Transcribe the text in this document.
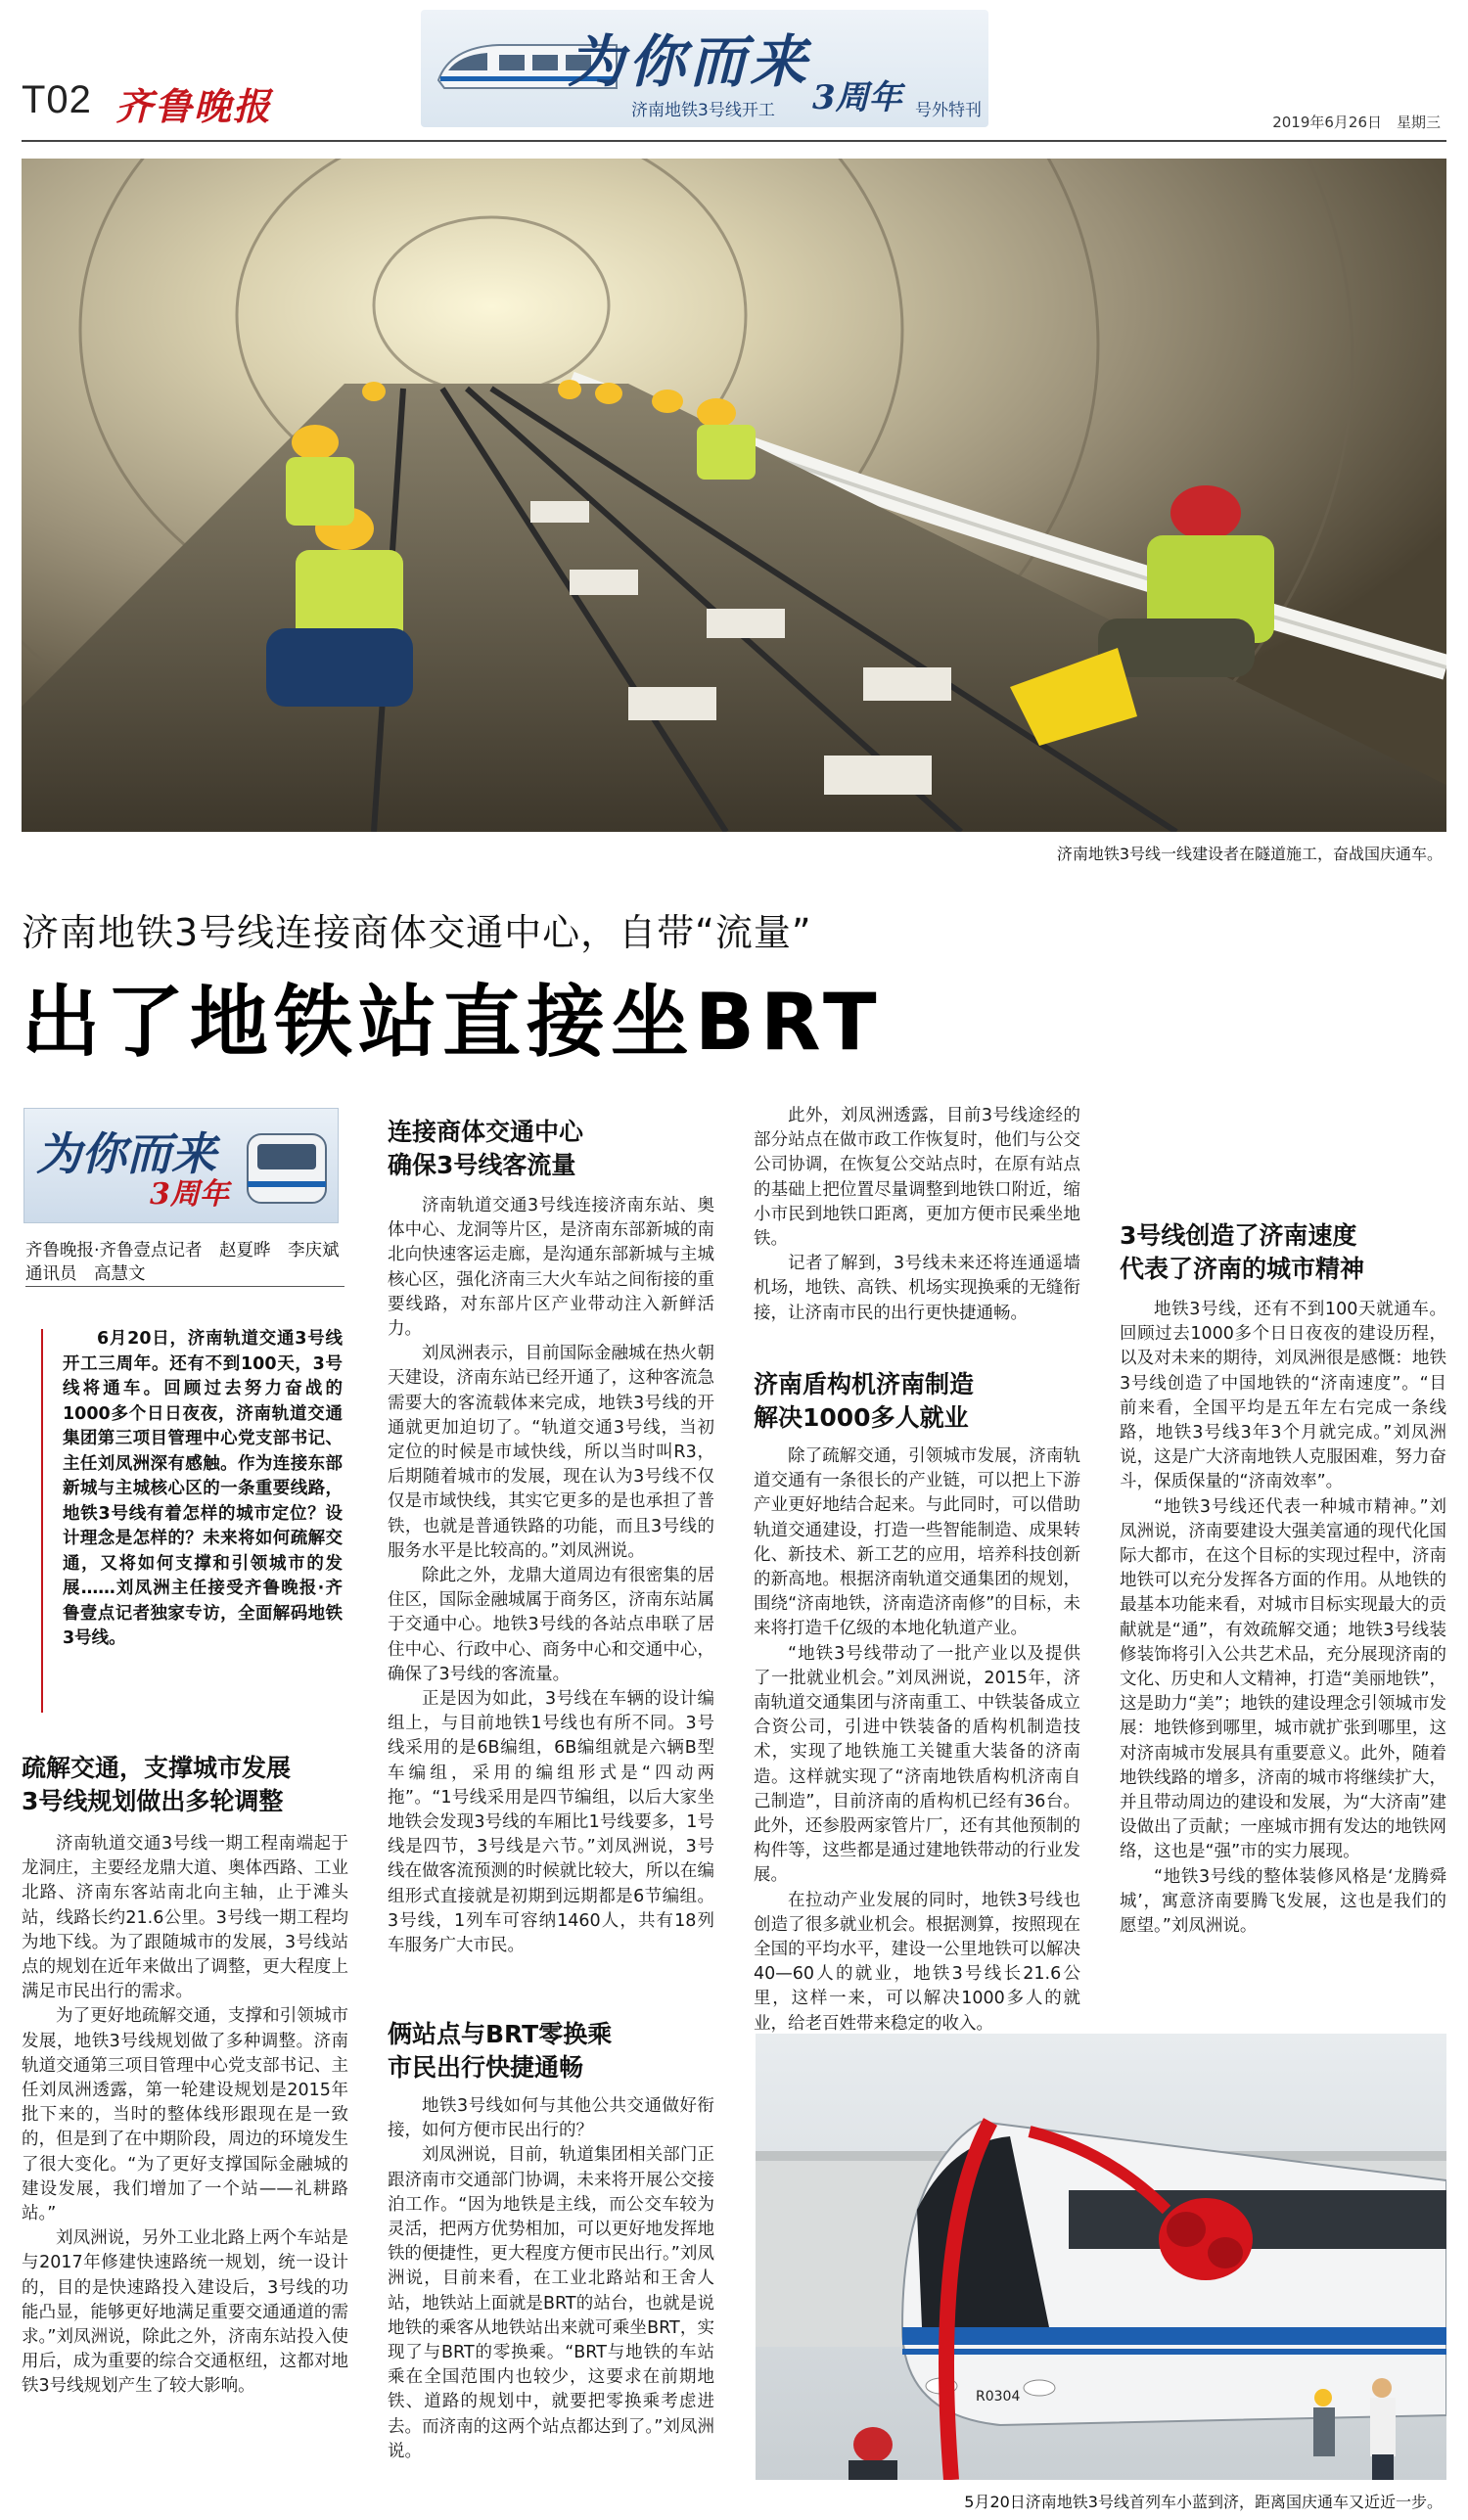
T02 齐鲁晚报
为你而来
济南地铁3号线开工 3周年 号外特刊
2019年6月26日　星期三
济南地铁3号线一线建设者在隧道施工，奋战国庆通车。
济南地铁3号线连接商体交通中心，自带“流量”
出了地铁站直接坐BRT
为你而来
3周年
齐鲁晚报·齐鲁壹点记者　赵夏晔　李庆斌
通讯员　高慧文
6月20日，济南轨道交通3号线开工三周年。还有不到100天，3号线将通车。回顾过去努力奋战的1000多个日日夜夜，济南轨道交通集团第三项目管理中心党支部书记、主任刘凤洲深有感触。作为连接东部新城与主城核心区的一条重要线路，地铁3号线有着怎样的城市定位？设计理念是怎样的？未来将如何疏解交通，又将如何支撑和引领城市的发展……刘凤洲主任接受齐鲁晚报·齐鲁壹点记者独家专访，全面解码地铁3号线。
疏解交通，支撑城市发展
3号线规划做出多轮调整

济南轨道交通3号线一期工程南端起于龙洞庄，主要经龙鼎大道、奥体西路、工业北路、济南东客站南北向主轴，止于滩头站，线路长约21.6公里。3号线一期工程均为地下线。为了跟随城市的发展，3号线站点的规划在近年来做出了调整，更大程度上满足市民出行的需求。

为了更好地疏解交通，支撑和引领城市发展，地铁3号线规划做了多种调整。济南轨道交通第三项目管理中心党支部书记、主任刘凤洲透露，第一轮建设规划是2015年批下来的，当时的整体线形跟现在是一致的，但是到了在中期阶段，周边的环境发生了很大变化。“为了更好支撑国际金融城的建设发展，我们增加了一个站——礼耕路站。”

刘凤洲说，另外工业北路上两个车站是与2017年修建快速路统一规划，统一设计的，目的是快速路投入建设后，3号线的功能凸显，能够更好地满足重要交通通道的需求。”刘凤洲说，除此之外，济南东站投入使用后，成为重要的综合交通枢纽，这都对地铁3号线规划产生了较大影响。

连接商体交通中心
确保3号线客流量

济南轨道交通3号线连接济南东站、奥体中心、龙洞等片区，是济南东部新城的南北向快速客运走廊，是沟通东部新城与主城核心区，强化济南三大火车站之间衔接的重要线路，对东部片区产业带动注入新鲜活力。

刘凤洲表示，目前国际金融城在热火朝天建设，济南东站已经开通了，这种客流急需要大的客流载体来完成，地铁3号线的开通就更加迫切了。“轨道交通3号线，当初定位的时候是市域快线，所以当时叫R3，后期随着城市的发展，现在认为3号线不仅仅是市域快线，其实它更多的是也承担了普铁，也就是普通铁路的功能，而且3号线的服务水平是比较高的。”刘凤洲说。

除此之外，龙鼎大道周边有很密集的居住区，国际金融城属于商务区，济南东站属于交通中心。地铁3号线的各站点串联了居住中心、行政中心、商务中心和交通中心，确保了3号线的客流量。

正是因为如此，3号线在车辆的设计编组上，与目前地铁1号线也有所不同。3号线采用的是6B编组，6B编组就是六辆B型车编组，采用的编组形式是“四动两拖”。“1号线采用是四节编组，以后大家坐地铁会发现3号线的车厢比1号线要多，1号线是四节，3号线是六节。”刘凤洲说，3号线在做客流预测的时候就比较大，所以在编组形式直接就是初期到远期都是6节编组。3号线，1列车可容纳1460人，共有18列车服务广大市民。

俩站点与BRT零换乘
市民出行快捷通畅

地铁3号线如何与其他公共交通做好衔接，如何方便市民出行的？

刘凤洲说，目前，轨道集团相关部门正跟济南市交通部门协调，未来将开展公交接泊工作。“因为地铁是主线，而公交车较为灵活，把两方优势相加，可以更好地发挥地铁的便捷性，更大程度方便市民出行。”刘凤洲说，目前来看，在工业北路站和王舍人站，地铁站上面就是BRT的站台，也就是说地铁的乘客从地铁站出来就可乘坐BRT，实现了与BRT的零换乘。“BRT与地铁的车站乘在全国范围内也较少，这要求在前期地铁、道路的规划中，就要把零换乘考虑进去。而济南的这两个站点都达到了。”刘凤洲说。

此外，刘凤洲透露，目前3号线途经的部分站点在做市政工作恢复时，他们与公交公司协调，在恢复公交站点时，在原有站点的基础上把位置尽量调整到地铁口附近，缩小市民到地铁口距离，更加方便市民乘坐地铁。

记者了解到，3号线未来还将连通遥墙机场，地铁、高铁、机场实现换乘的无缝衔接，让济南市民的出行更快捷通畅。

济南盾构机济南制造
解决1000多人就业

除了疏解交通，引领城市发展，济南轨道交通有一条很长的产业链，可以把上下游产业更好地结合起来。与此同时，可以借助轨道交通建设，打造一些智能制造、成果转化、新技术、新工艺的应用，培养科技创新的新高地。根据济南轨道交通集团的规划，围绕“济南地铁，济南造济南修”的目标，未来将打造千亿级的本地化轨道产业。

“地铁3号线带动了一批产业以及提供了一批就业机会。”刘凤洲说，2015年，济南轨道交通集团与济南重工、中铁装备成立合资公司，引进中铁装备的盾构机制造技术，实现了地铁施工关键重大装备的济南造。这样就实现了“济南地铁盾构机济南自己制造”，目前济南的盾构机已经有36台。此外，还参股两家管片厂，还有其他预制的构件等，这些都是通过建地铁带动的行业发展。

在拉动产业发展的同时，地铁3号线也创造了很多就业机会。根据测算，按照现在全国的平均水平，建设一公里地铁可以解决40—60人的就业，地铁3号线长21.6公里，这样一来，可以解决1000多人的就业，给老百姓带来稳定的收入。

3号线创造了济南速度
代表了济南的城市精神

地铁3号线，还有不到100天就通车。回顾过去1000多个日日夜夜的建设历程，以及对未来的期待，刘凤洲很是感慨：地铁3号线创造了中国地铁的“济南速度”。“目前来看，全国平均是五年左右完成一条线路，地铁3号线3年3个月就完成。”刘凤洲说，这是广大济南地铁人克服困难，努力奋斗，保质保量的“济南效率”。

“地铁3号线还代表一种城市精神。”刘凤洲说，济南要建设大强美富通的现代化国际大都市，在这个目标的实现过程中，济南地铁可以充分发挥各方面的作用。从地铁的最基本功能来看，对城市目标实现最大的贡献就是“通”，有效疏解交通；地铁3号线装修装饰将引入公共艺术品，充分展现济南的文化、历史和人文精神，打造“美丽地铁”，这是助力“美”；地铁的建设理念引领城市发展：地铁修到哪里，城市就扩张到哪里，这对济南城市发展具有重要意义。此外，随着地铁线路的增多，济南的城市将继续扩大，并且带动周边的建设和发展，为“大济南”建设做出了贡献；一座城市拥有发达的地铁网络，这也是“强”市的实力展现。

“地铁3号线的整体装修风格是‘龙腾舜城’，寓意济南要腾飞发展，这也是我们的愿望。”刘凤洲说。

R0304
5月20日济南地铁3号线首列车小蓝到济，距离国庆通车又近近一步。
